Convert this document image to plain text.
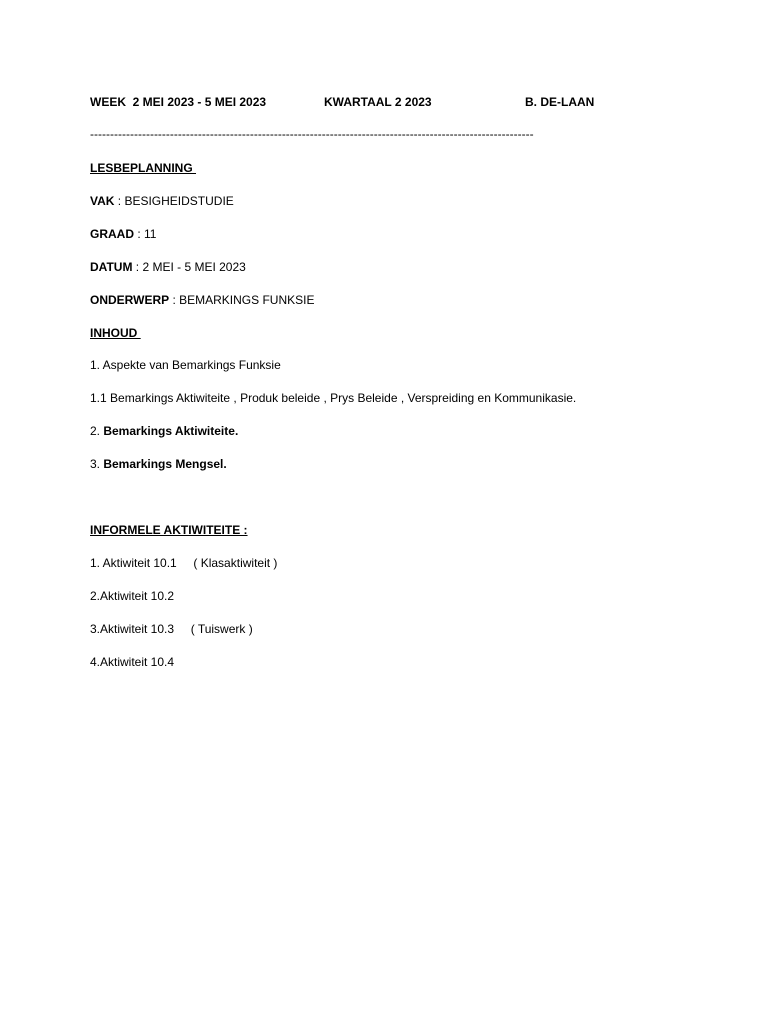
WEEK  2 MEI 2023 - 5 MEI 2023	KWARTAAL 2 2023	B. DE-LAAN
---------------------------------------------------------------------------------------------------------------
LESBEPLANNING
VAK : BESIGHEIDSTUDIE
GRAAD : 11
DATUM : 2 MEI - 5 MEI 2023
ONDERWERP : BEMARKINGS FUNKSIE
INHOUD
1. Aspekte van Bemarkings Funksie
1.1 Bemarkings Aktiwiteite , Produk beleide , Prys Beleide , Verspreiding en Kommunikasie.
2. Bemarkings Aktiwiteite.
3. Bemarkings Mengsel.
INFORMELE AKTIWITEITE :
1. Aktiwiteit 10.1     ( Klasaktiwiteit )
2.Aktiwiteit 10.2
3.Aktiwiteit 10.3     ( Tuiswerk )
4.Aktiwiteit 10.4
